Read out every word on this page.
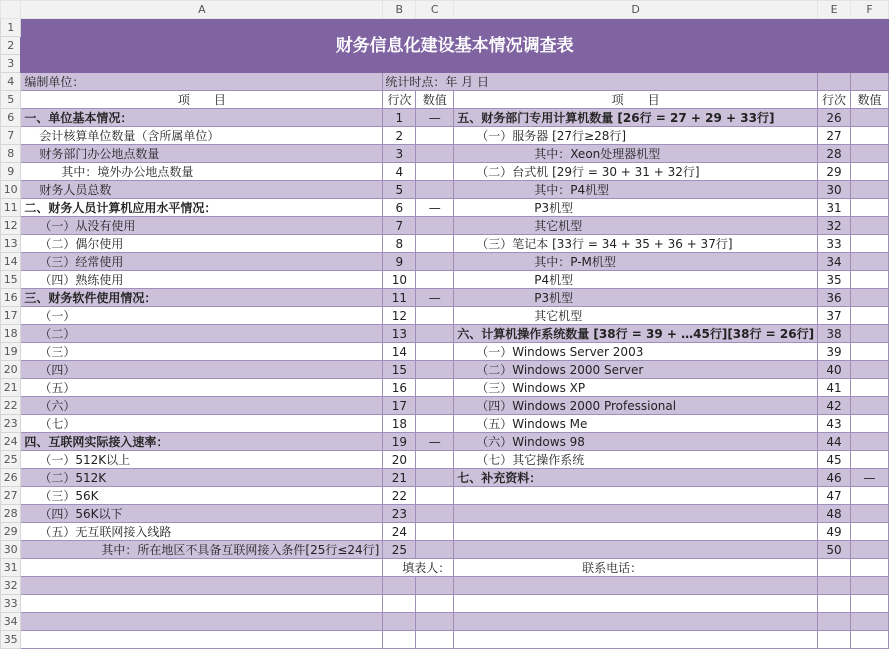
	A	B	C	D	E	F
1	财务信息化建设基本情况调查表					
2						
3						
4	编制单位：	统计时点：年 月 日				
5	项　　目	行次	数值	项　　目	行次	数值
6	一、单位基本情况：	1	—	五、财务部门专用计算机数量 [26行 = 27 + 29 + 33行]	26	
7	会计核算单位数量（含所属单位）	2		（一）服务器 [27行≥28行]	27	
8	财务部门办公地点数量	3		其中：Xeon处理器机型	28	
9	其中：境外办公地点数量	4		（二）台式机 [29行 = 30 + 31 + 32行]	29	
10	财务人员总数	5		其中：P4机型	30	
11	二、财务人员计算机应用水平情况：	6	—	P3机型	31	
12	（一）从没有使用	7		其它机型	32	
13	（二）偶尔使用	8		（三）笔记本 [33行 = 34 + 35 + 36 + 37行]	33	
14	（三）经常使用	9		其中：P-M机型	34	
15	（四）熟练使用	10		P4机型	35	
16	三、财务软件使用情况：	11	—	P3机型	36	
17	（一）	12		其它机型	37	
18	（二）	13		六、计算机操作系统数量 [38行 = 39 + …45行][38行 = 26行]	38	
19	（三）	14		（一）Windows Server 2003	39	
20	（四）	15		（二）Windows 2000 Server	40	
21	（五）	16		（三）Windows XP	41	
22	（六）	17		（四）Windows 2000 Professional	42	
23	（七）	18		（五）Windows Me	43	
24	四、互联网实际接入速率：	19	—	（六）Windows 98	44	
25	（一）512K以上	20		（七）其它操作系统	45	
26	（二）512K	21		七、补充资料：	46	—
27	（三）56K	22			47	
28	（四）56K以下	23			48	
29	（五）无互联网接入线路	24			49	
30	其中：所在地区不具备互联网接入条件[25行≤24行]	25			50	
31		填表人：		联系电话：		
32						
33						
34						
35						
